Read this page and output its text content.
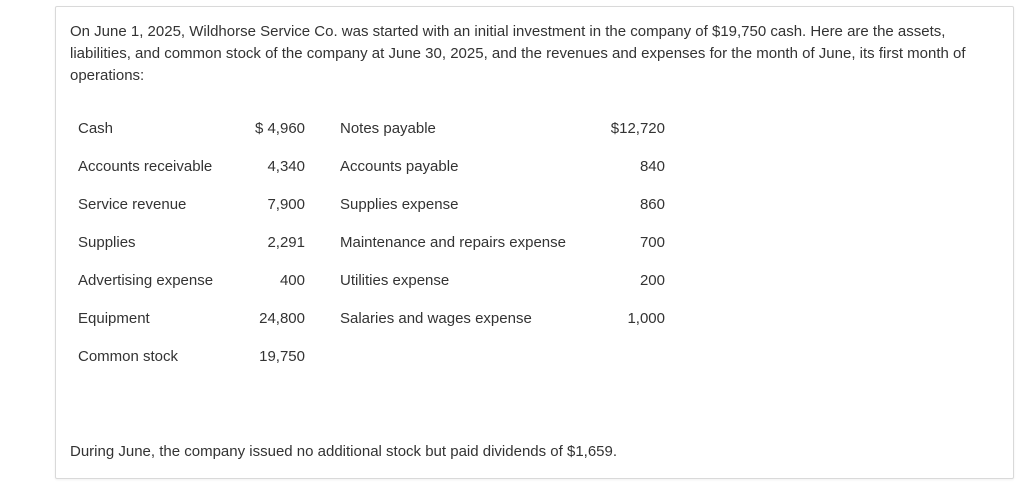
On June 1, 2025, Wildhorse Service Co. was started with an initial investment in the company of $19,750 cash. Here are the assets, liabilities, and common stock of the company at June 30, 2025, and the revenues and expenses for the month of June, its first month of operations:

Cash	$ 4,960 Notes payable	$12,720
Accounts receivable	4,340 Accounts payable	840
Service revenue	7,900 Supplies expense	860
Supplies	2,291 Maintenance and repairs expense	700
Advertising expense	400 Utilities expense	200
Equipment	24,800 Salaries and wages expense	1,000
Common stock	19,750

During June, the company issued no additional stock but paid dividends of $1,659.
